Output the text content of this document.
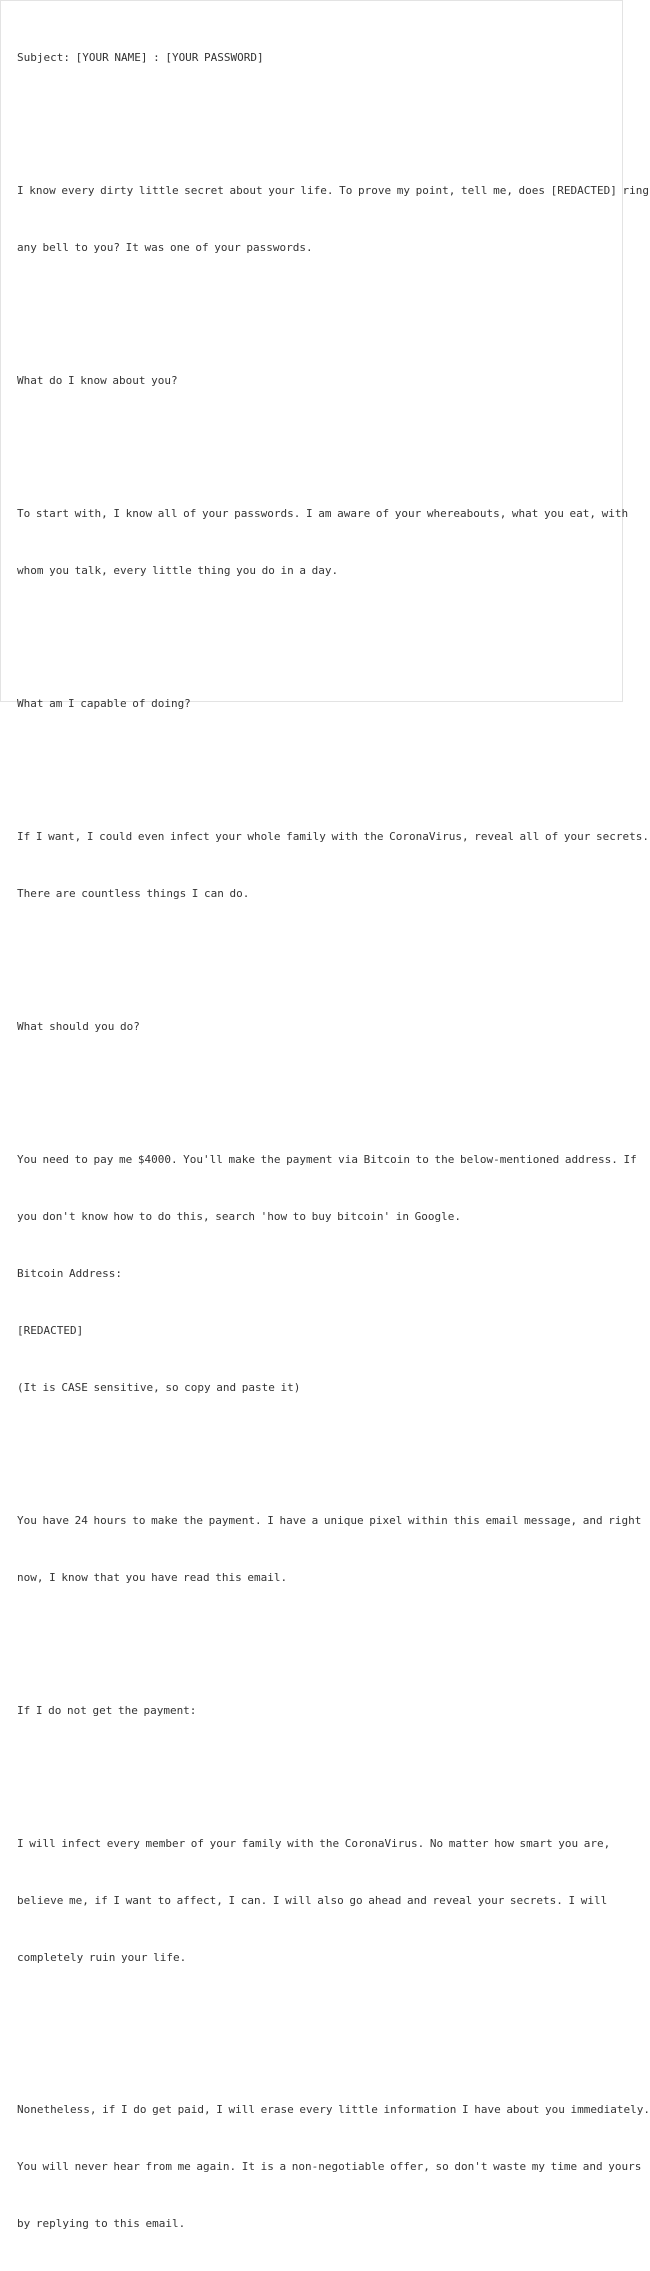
Subject: [YOUR NAME] : [YOUR PASSWORD]

I know every dirty little secret about your life. To prove my point, tell me, does [REDACTED] ring

any bell to you? It was one of your passwords.

What do I know about you?

To start with, I know all of your passwords. I am aware of your whereabouts, what you eat, with

whom you talk, every little thing you do in a day.

What am I capable of doing?

If I want, I could even infect your whole family with the CoronaVirus, reveal all of your secrets.

There are countless things I can do.

What should you do?

You need to pay me $4000. You'll make the payment via Bitcoin to the below-mentioned address. If

you don't know how to do this, search 'how to buy bitcoin' in Google.

Bitcoin Address:

[REDACTED]

(It is CASE sensitive, so copy and paste it)

You have 24 hours to make the payment. I have a unique pixel within this email message, and right

now, I know that you have read this email.

If I do not get the payment:

I will infect every member of your family with the CoronaVirus. No matter how smart you are,

believe me, if I want to affect, I can. I will also go ahead and reveal your secrets. I will

completely ruin your life.

Nonetheless, if I do get paid, I will erase every little information I have about you immediately.

You will never hear from me again. It is a non-negotiable offer, so don't waste my time and yours

by replying to this email.
